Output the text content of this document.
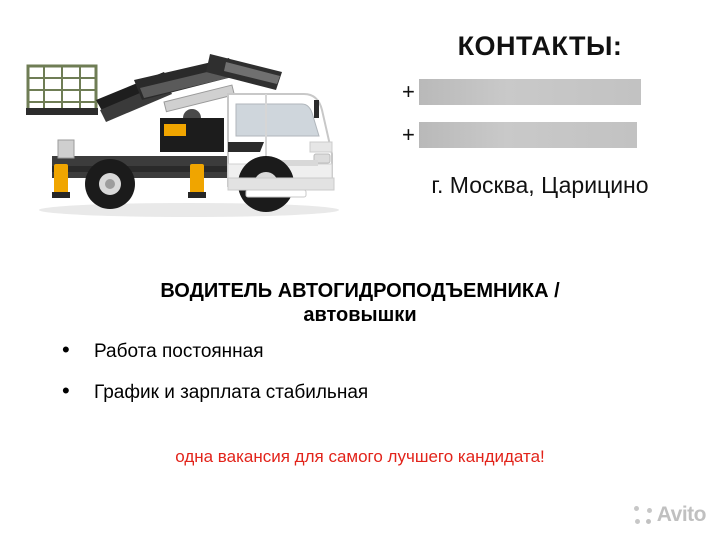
КОНТАКТЫ:
+
+
г. Москва, Царицино
ВОДИТЕЛЬ АВТОГИДРОПОДЪЕМНИКА /
автовышки
• Работа постоянная
• График и зарплата стабильная
одна вакансия для самого лучшего кандидата!
Avito
